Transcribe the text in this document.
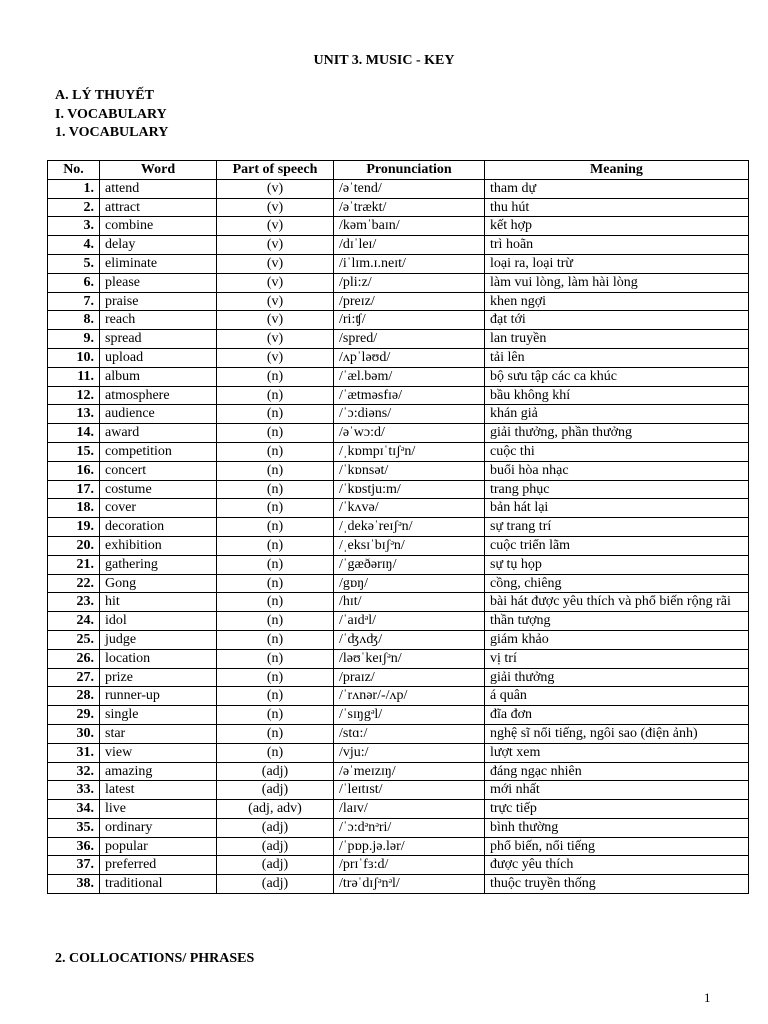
UNIT 3. MUSIC - KEY
A. LÝ THUYẾT
I. VOCABULARY
1. VOCABULARY
No.	Word	Part of speech	Pronunciation	Meaning
1.	attend	(v)	/əˈtend/	tham dự
2.	attract	(v)	/əˈtrækt/	thu hút
3.	combine	(v)	/kəmˈbaɪn/	kết hợp
4.	delay	(v)	/dɪˈleɪ/	trì hoãn
5.	eliminate	(v)	/iˈlɪm.ɪ.neɪt/	loại ra, loại trừ
6.	please	(v)	/pli:z/	làm vui lòng, làm hài lòng
7.	praise	(v)	/preɪz/	khen ngợi
8.	reach	(v)	/ri:ʧ/	đạt tới
9.	spread	(v)	/spred/	lan truyền
10.	upload	(v)	/ʌpˈləʊd/	tải lên
11.	album	(n)	/ˈæl.bəm/	bộ sưu tập các ca khúc
12.	atmosphere	(n)	/ˈætməsfɪə/	bầu không khí
13.	audience	(n)	/ˈɔ:diəns/	khán giả
14.	award	(n)	/əˈwɔ:d/	giải thưởng, phần thưởng
15.	competition	(n)	/ˌkɒmpɪˈtɪʃᵊn/	cuộc thi
16.	concert	(n)	/ˈkɒnsət/	buổi hòa nhạc
17.	costume	(n)	/ˈkɒstju:m/	trang phục
18.	cover	(n)	/ˈkʌvə/	bản hát lại
19.	decoration	(n)	/ˌdekəˈreɪʃᵊn/	sự trang trí
20.	exhibition	(n)	/ˌeksɪˈbɪʃᵊn/	cuộc triển lãm
21.	gathering	(n)	/ˈgæðərɪŋ/	sự tụ họp
22.	Gong	(n)	/gɒŋ/	cồng, chiêng
23.	hit	(n)	/hɪt/	bài hát được yêu thích và phổ biến rộng rãi
24.	idol	(n)	/ˈaɪdᵊl/	thần tượng
25.	judge	(n)	/ˈʤʌʤ/	giám khảo
26.	location	(n)	/ləʊˈkeɪʃᵊn/	vị trí
27.	prize	(n)	/praɪz/	giải thưởng
28.	runner-up	(n)	/ˈrʌnər/-/ʌp/	á quân
29.	single	(n)	/ˈsɪŋgᵊl/	đĩa đơn
30.	star	(n)	/stɑ:/	nghệ sĩ nổi tiếng, ngôi sao (điện ảnh)
31.	view	(n)	/vju:/	lượt xem
32.	amazing	(adj)	/əˈmeɪzɪŋ/	đáng ngạc nhiên
33.	latest	(adj)	/ˈleɪtɪst/	mới nhất
34.	live	(adj, adv)	/laɪv/	trực tiếp
35.	ordinary	(adj)	/ˈɔ:dᵊnᵊri/	bình thường
36.	popular	(adj)	/ˈpɒp.jə.lər/	phổ biến, nổi tiếng
37.	preferred	(adj)	/prɪˈfɜ:d/	được yêu thích
38.	traditional	(adj)	/trəˈdɪʃᵊnᵊl/	thuộc truyền thống
2. COLLOCATIONS/ PHRASES
1
